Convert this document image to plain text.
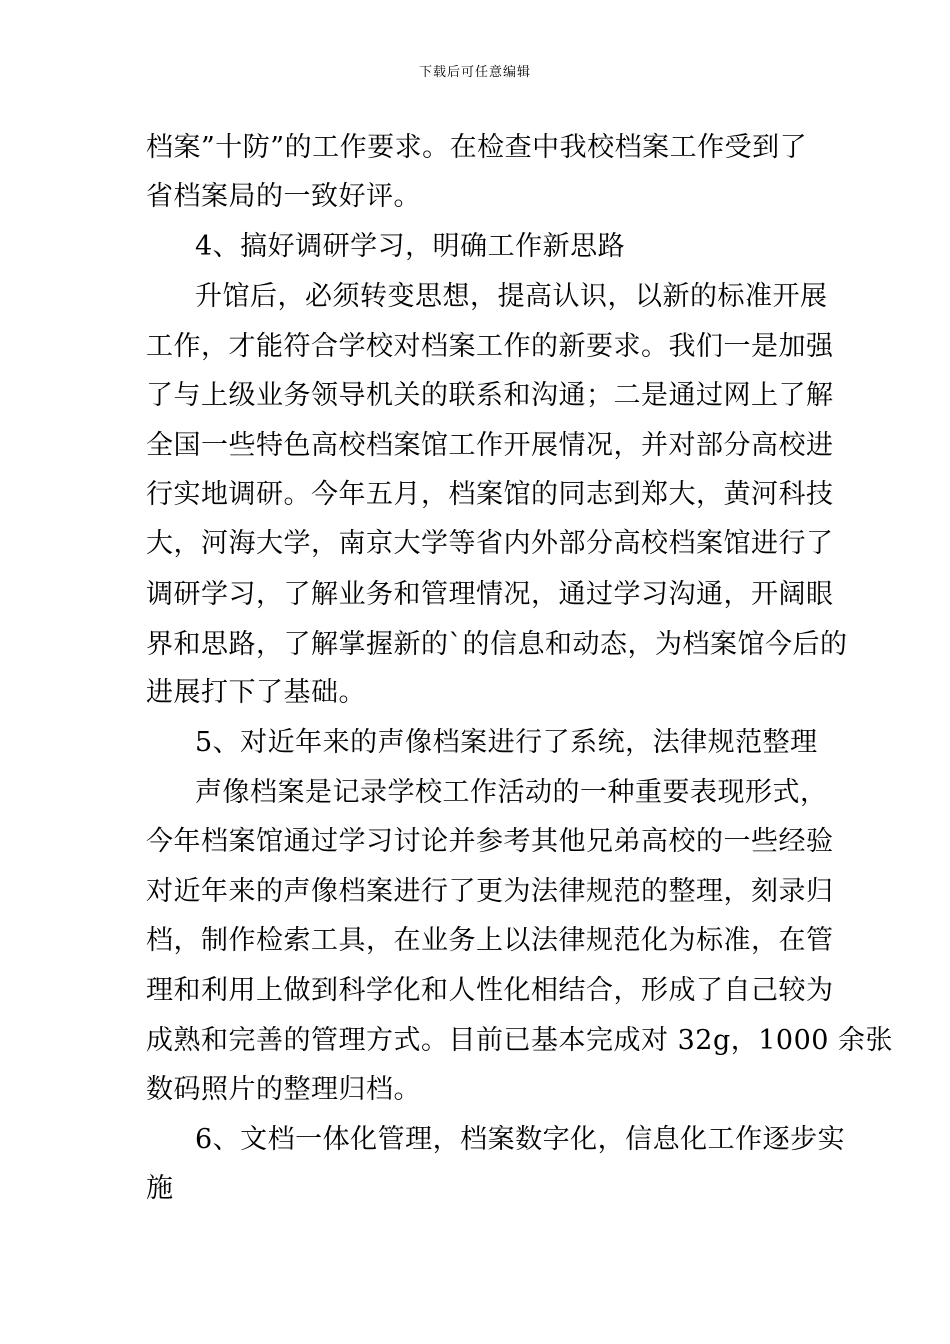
下载后可任意编辑
档案”十防”的工作要求。在检查中我校档案工作受到了
省档案局的一致好评。
4、搞好调研学习，明确工作新思路
升馆后，必须转变思想，提高认识，以新的标准开展
工作，才能符合学校对档案工作的新要求。我们一是加强
了与上级业务领导机关的联系和沟通；二是通过网上了解
全国一些特色高校档案馆工作开展情况，并对部分高校进
行实地调研。今年五月，档案馆的同志到郑大，黄河科技
大，河海大学，南京大学等省内外部分高校档案馆进行了
调研学习，了解业务和管理情况，通过学习沟通，开阔眼
界和思路，了解掌握新的`的信息和动态，为档案馆今后的
进展打下了基础。
5、对近年来的声像档案进行了系统，法律规范整理
声像档案是记录学校工作活动的一种重要表现形式，
今年档案馆通过学习讨论并参考其他兄弟高校的一些经验
对近年来的声像档案进行了更为法律规范的整理，刻录归
档，制作检索工具，在业务上以法律规范化为标准，在管
理和利用上做到科学化和人性化相结合，形成了自己较为
成熟和完善的管理方式。目前已基本完成对 32g，1000 余张
数码照片的整理归档。
6、文档一体化管理，档案数字化，信息化工作逐步实
施
